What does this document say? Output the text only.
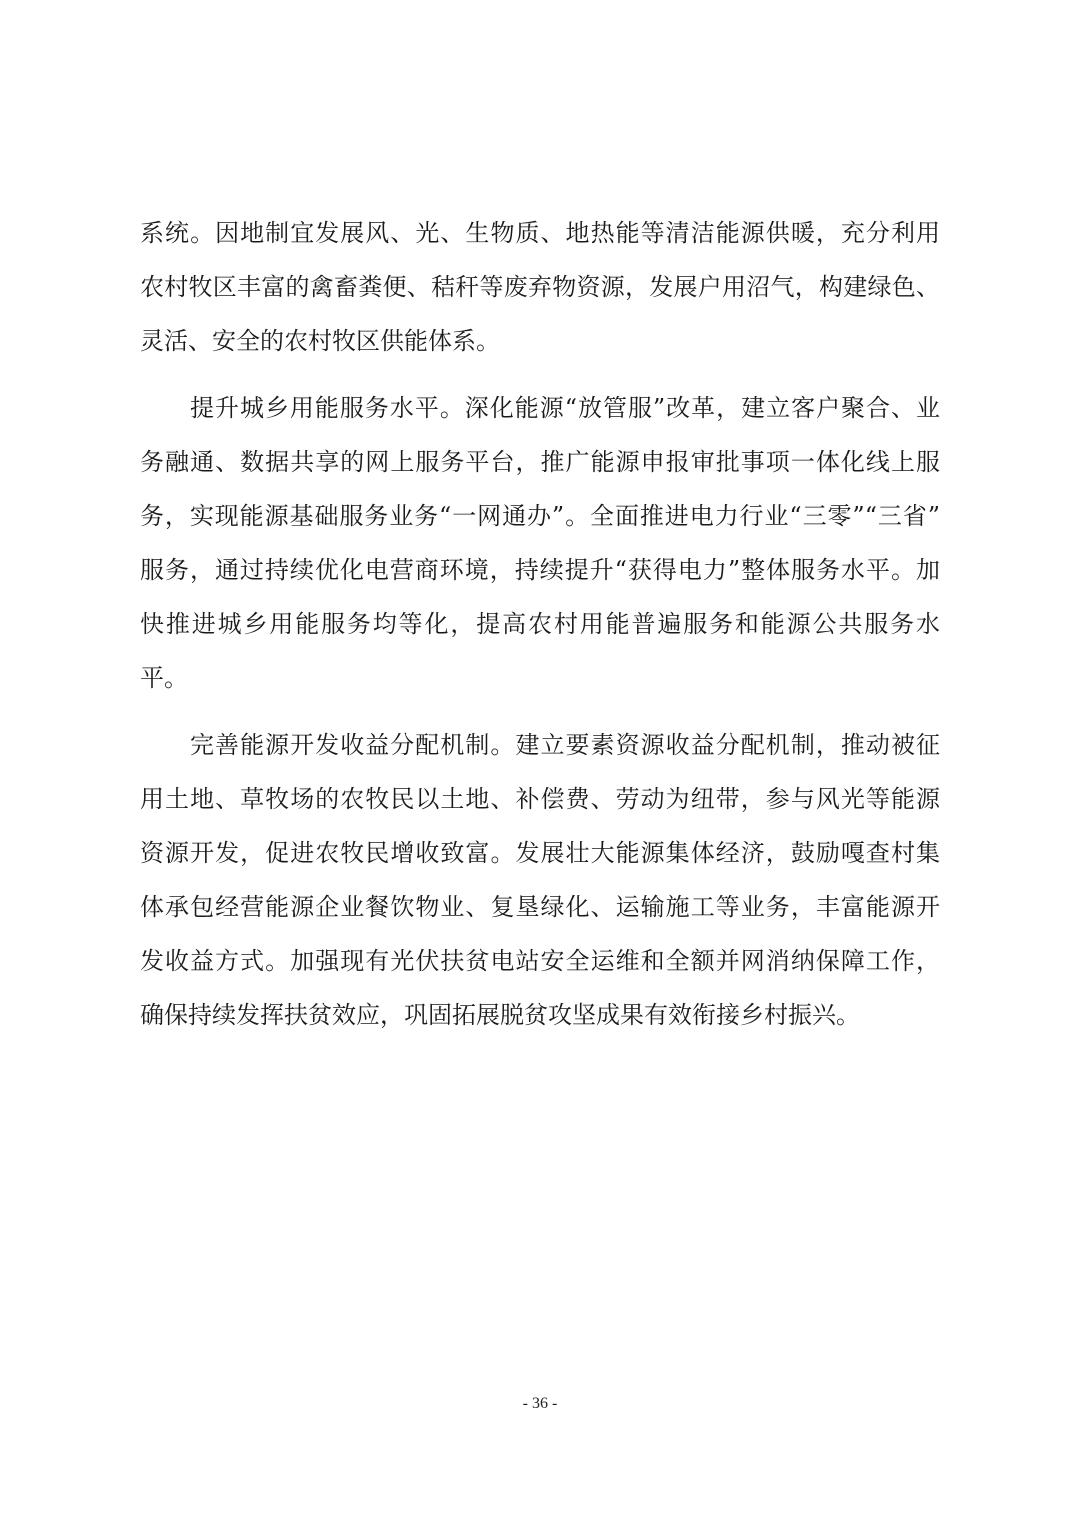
系统。因地制宜发展风、光、生物质、地热能等清洁能源供暖，充分利用
农村牧区丰富的禽畜粪便、秸秆等废弃物资源，发展户用沼气，构建绿色、
灵活、安全的农村牧区供能体系。
提升城乡用能服务水平。深化能源“放管服”改革，建立客户聚合、业
务融通、数据共享的网上服务平台，推广能源申报审批事项一体化线上服
务，实现能源基础服务业务“一网通办”。全面推进电力行业“三零”“三省”
服务，通过持续优化电营商环境，持续提升“获得电力”整体服务水平。加
快推进城乡用能服务均等化，提高农村用能普遍服务和能源公共服务水
平。
完善能源开发收益分配机制。建立要素资源收益分配机制，推动被征
用土地、草牧场的农牧民以土地、补偿费、劳动为纽带，参与风光等能源
资源开发，促进农牧民增收致富。发展壮大能源集体经济，鼓励嘎查村集
体承包经营能源企业餐饮物业、复垦绿化、运输施工等业务，丰富能源开
发收益方式。加强现有光伏扶贫电站安全运维和全额并网消纳保障工作，
确保持续发挥扶贫效应，巩固拓展脱贫攻坚成果有效衔接乡村振兴。
- 36 -
